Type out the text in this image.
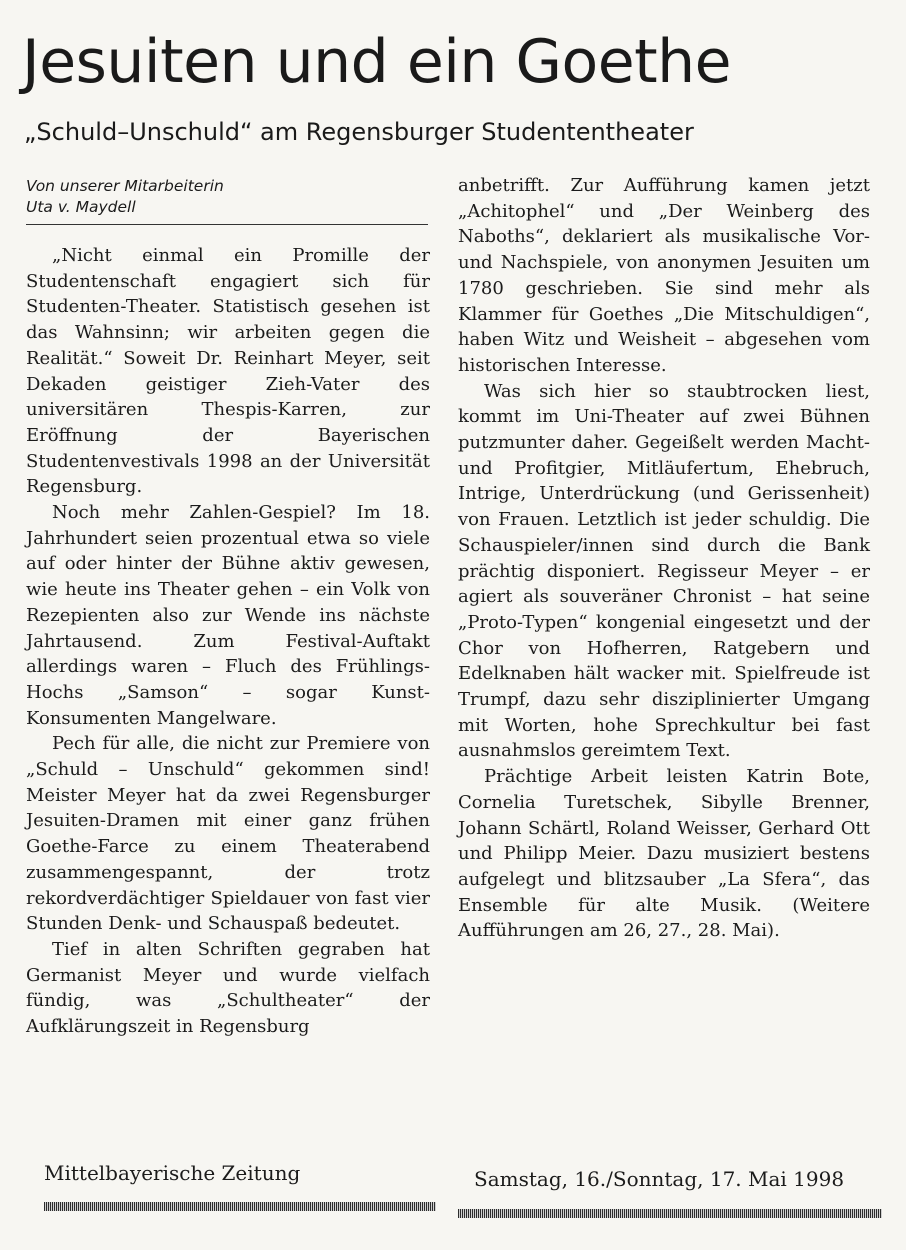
Jesuiten und ein Goethe
„Schuld–Unschuld“ am Regensburger Studententheater
Von unserer Mitarbeiterin
Uta v. Maydell

„Nicht einmal ein Promille der Studentenschaft engagiert sich für Studenten-Theater. Statistisch gesehen ist das Wahnsinn; wir arbeiten gegen die Realität.“ Soweit Dr. Reinhart Meyer, seit Dekaden geistiger Zieh-Vater des universitären Thespis-Karren, zur Eröffnung der Bayerischen Studentenvestivals 1998 an der Universität Regensburg.

Noch mehr Zahlen-Gespiel? Im 18. Jahrhundert seien prozentual etwa so viele auf oder hinter der Bühne aktiv gewesen, wie heute ins Theater gehen – ein Volk von Rezepienten also zur Wende ins nächste Jahrtausend. Zum Festival-Auftakt allerdings waren – Fluch des Frühlings-Hochs „Samson“ – sogar Kunst-Konsumenten Mangelware.

Pech für alle, die nicht zur Premiere von „Schuld – Unschuld“ gekommen sind! Meister Meyer hat da zwei Regensburger Jesuiten-Dramen mit einer ganz frühen Goethe-Farce zu einem Theaterabend zusammengespannt, der trotz rekordverdächtiger Spieldauer von fast vier Stunden Denk- und Schauspaß bedeutet.

Tief in alten Schriften gegraben hat Germanist Meyer und wurde vielfach fündig, was „Schultheater“ der Aufklärungszeit in Regensburg

anbetrifft. Zur Aufführung kamen jetzt „Achitophel“ und „Der Weinberg des Naboths“, deklariert als musikalische Vor- und Nachspiele, von anonymen Jesuiten um 1780 geschrieben. Sie sind mehr als Klammer für Goethes „Die Mitschuldigen“, haben Witz und Weisheit – abgesehen vom historischen Interesse.

Was sich hier so staubtrocken liest, kommt im Uni-Theater auf zwei Bühnen putzmunter daher. Gegeißelt werden Macht- und Profitgier, Mitläufertum, Ehebruch, Intrige, Unterdrückung (und Gerissenheit) von Frauen. Letztlich ist jeder schuldig. Die Schauspieler/innen sind durch die Bank prächtig disponiert. Regisseur Meyer – er agiert als souveräner Chronist – hat seine „Proto-Typen“ kongenial eingesetzt und der Chor von Hofherren, Ratgebern und Edelknaben hält wacker mit. Spielfreude ist Trumpf, dazu sehr disziplinierter Umgang mit Worten, hohe Sprechkultur bei fast ausnahmslos gereimtem Text.

Prächtige Arbeit leisten Katrin Bote, Cornelia Turetschek, Sibylle Brenner, Johann Schärtl, Roland Weisser, Gerhard Ott und Philipp Meier. Dazu musiziert bestens aufgelegt und blitzsauber „La Sfera“, das Ensemble für alte Musik. (Weitere Aufführungen am 26, 27., 28. Mai).

Mittelbayerische Zeitung	Samstag, 16./Sonntag, 17. Mai 1998
